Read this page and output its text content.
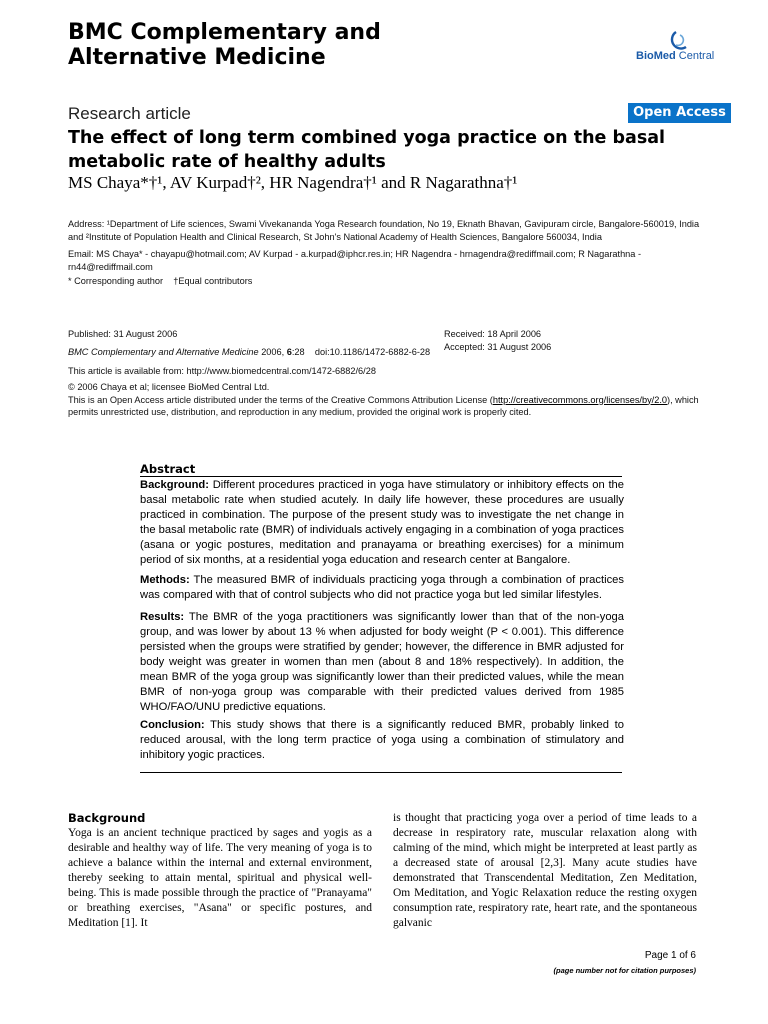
BMC Complementary and
Alternative Medicine	BioMed Central
Research article	Open Access
The effect of long term combined yoga practice on the basal metabolic rate of healthy adults
MS Chaya*†¹, AV Kurpad†², HR Nagendra†¹ and R Nagarathna†¹
Address: ¹Department of Life sciences, Swami Vivekananda Yoga Research foundation, No 19, Eknath Bhavan, Gavipuram circle, Bangalore-560019, India and ²Institute of Population Health and Clinical Research, St John's National Academy of Health Sciences, Bangalore 560034, India
Email: MS Chaya* - chayapu@hotmail.com; AV Kurpad - a.kurpad@iphcr.res.in; HR Nagendra - hrnagendra@rediffmail.com; R Nagarathna - rn44@rediffmail.com
* Corresponding author    †Equal contributors
Published: 31 August 2006
BMC Complementary and Alternative Medicine 2006, 6:28    doi:10.1186/1472-6882-6-28
This article is available from: http://www.biomedcentral.com/1472-6882/6/28
Received: 18 April 2006
Accepted: 31 August 2006
© 2006 Chaya et al; licensee BioMed Central Ltd.
This is an Open Access article distributed under the terms of the Creative Commons Attribution License (http://creativecommons.org/licenses/by/2.0), which permits unrestricted use, distribution, and reproduction in any medium, provided the original work is properly cited.
Abstract
Background: Different procedures practiced in yoga have stimulatory or inhibitory effects on the basal metabolic rate when studied acutely. In daily life however, these procedures are usually practiced in combination. The purpose of the present study was to investigate the net change in the basal metabolic rate (BMR) of individuals actively engaging in a combination of yoga practices (asana or yogic postures, meditation and pranayama or breathing exercises) for a minimum period of six months, at a residential yoga education and research center at Bangalore.
Methods: The measured BMR of individuals practicing yoga through a combination of practices was compared with that of control subjects who did not practice yoga but led similar lifestyles.
Results: The BMR of the yoga practitioners was significantly lower than that of the non-yoga group, and was lower by about 13 % when adjusted for body weight (P < 0.001). This difference persisted when the groups were stratified by gender; however, the difference in BMR adjusted for body weight was greater in women than men (about 8 and 18% respectively). In addition, the mean BMR of the yoga group was significantly lower than their predicted values, while the mean BMR of non-yoga group was comparable with their predicted values derived from 1985 WHO/FAO/UNU predictive equations.
Conclusion: This study shows that there is a significantly reduced BMR, probably linked to reduced arousal, with the long term practice of yoga using a combination of stimulatory and inhibitory yogic practices.
Background
Yoga is an ancient technique practiced by sages and yogis as a desirable and healthy way of life. The very meaning of yoga is to achieve a balance within the internal and external environment, thereby seeking to attain mental, spiritual and physical well-being. This is made possible through the practice of "Pranayama" or breathing exercises, "Asana" or specific postures, and Meditation [1]. It
is thought that practicing yoga over a period of time leads to a decrease in respiratory rate, muscular relaxation along with calming of the mind, which might be interpreted at least partly as a decreased state of arousal [2,3]. Many acute studies have demonstrated that Transcendental Meditation, Zen Meditation, Om Meditation, and Yogic Relaxation reduce the resting oxygen consumption rate, respiratory rate, heart rate, and the spontaneous galvanic
Page 1 of 6
(page number not for citation purposes)
